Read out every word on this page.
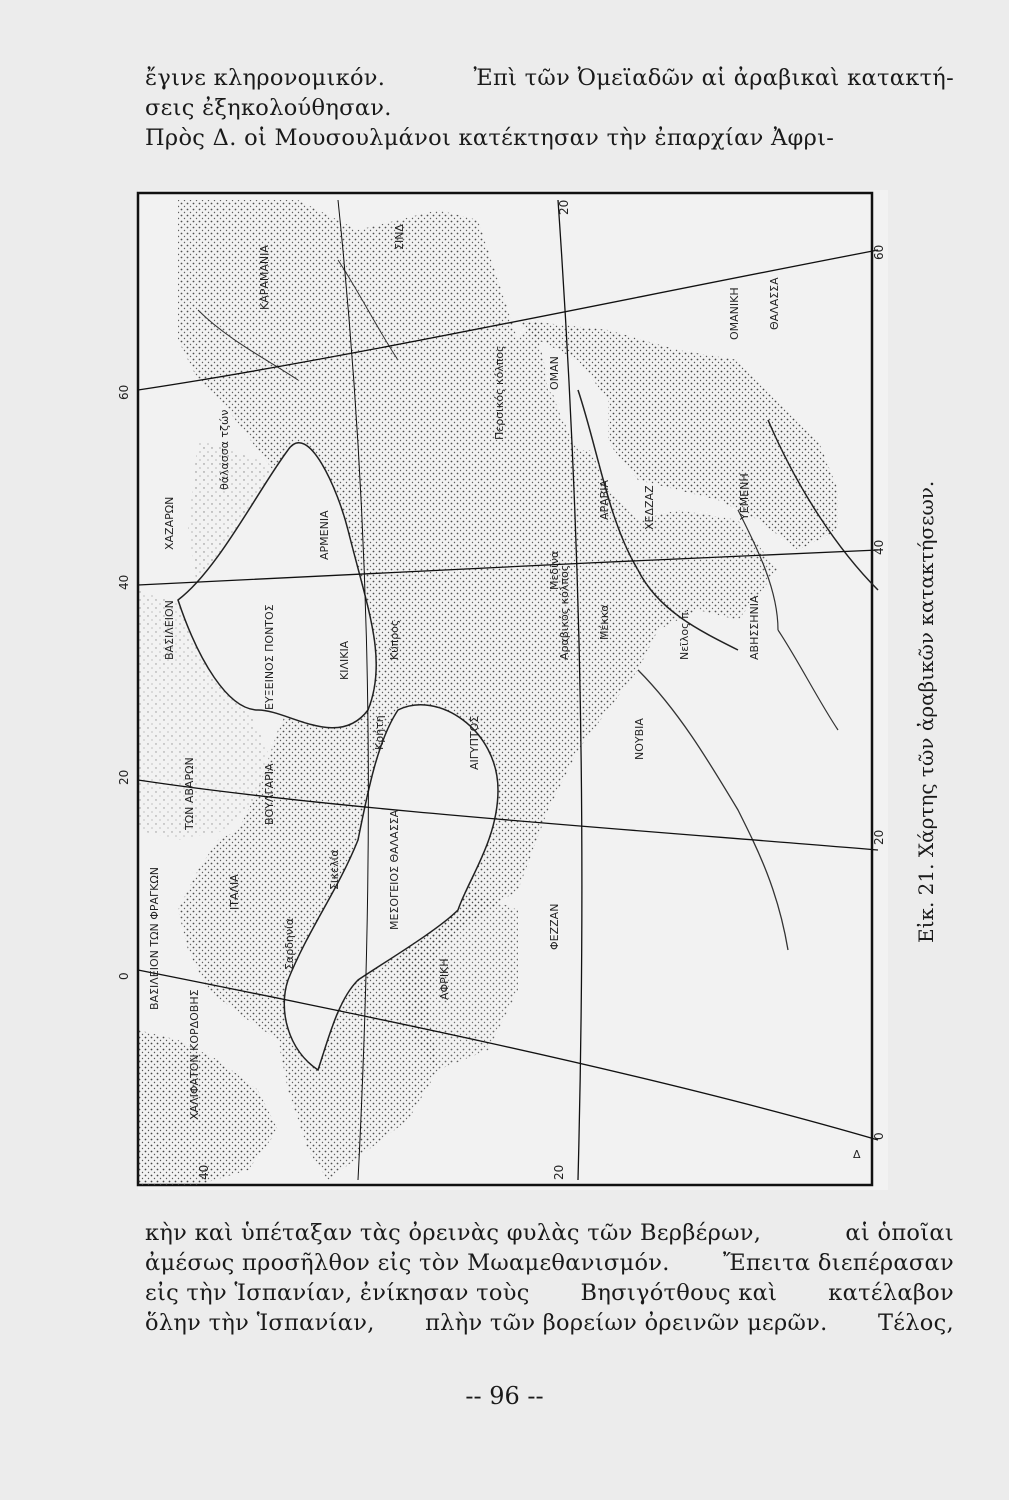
ἔγινε κληρονομικόν.	Ἐπὶ τῶν Ὀμεϊαδῶν αἱ ἀραβικαὶ κατακτή-
σεις ἐξηκολούθησαν.
Πρὸς Δ. οἱ Μουσουλμάνοι κατέκτησαν τὴν ἐπαρχίαν Ἀφρι-
20
60
40
20
0
60
40
20
0
20
40
ΣΙΝΔ
ΚΑΡΑΜΑΝΙΑ
ΟΜΑΝΙΚΗ ΘΑΛΑΣΣΑ
ΟΜΑΝ
ΑΡΑΒΙΑ	ΥΕΜΕΝΗ
ΧΕΔΖΑΖ
ΑΒΗΣΣΗΝΙΑ
ΝΟΥΒΙΑ
ΧΑΖΑΡΩΝ
ΒΑΣΙΛΕΙΟΝ	ΕΥΞΕΙΝΟΣ ΠΟΝΤΟΣ
ΒΟΥΛΓΑΡΙΑ
ΜΕΣΟΓΕΙΟΣ ΘΑΛΑΣΣΑ
ΑΡΜΕΝΙΑ
ΚΙΛΙΚΙΑ
ΑΙΓΥΠΤΟΣ
ΦΕΖΖΑΝ
ΑΦΡΙΚΗ
ΒΑΣΙΛΕΙΟΝ ΤΩΝ ΦΡΑΓΚΩΝ
ΤΩΝ ΑΒΑΡΩΝ
ΙΤΑΛΙΑ
Σικελία
Σαρδηνία
Κρήτη
Κύπρος
Περσικός κόλπος
Αραβικός κόλπος	Νεῖλος π.
θάλασσα τζών
ΧΑΛΙΦΑΤΟΝ ΚΟΡΔΟΒΗΣ
Μέκκα
Μεδίνα
Δ
Εἰκ. 21. Χάρτης τῶν ἀραβικῶν κατακτήσεων.
κὴν καὶ ὑπέταξαν τὰς ὀρεινὰς φυλὰς τῶν Βερβέρων,	αἱ ὁποῖαι
ἀμέσως προσῆλθον εἰς τὸν Μωαμεθανισμόν. Ἔπειτα διεπέρασαν
εἰς τὴν Ἱσπανίαν, ἐνίκησαν τοὺς Βησιγότθους καὶ κατέλαβον
ὅλην τὴν Ἱσπανίαν, πλὴν τῶν βορείων ὀρεινῶν μερῶν. Τέλος,
-- 96 --
